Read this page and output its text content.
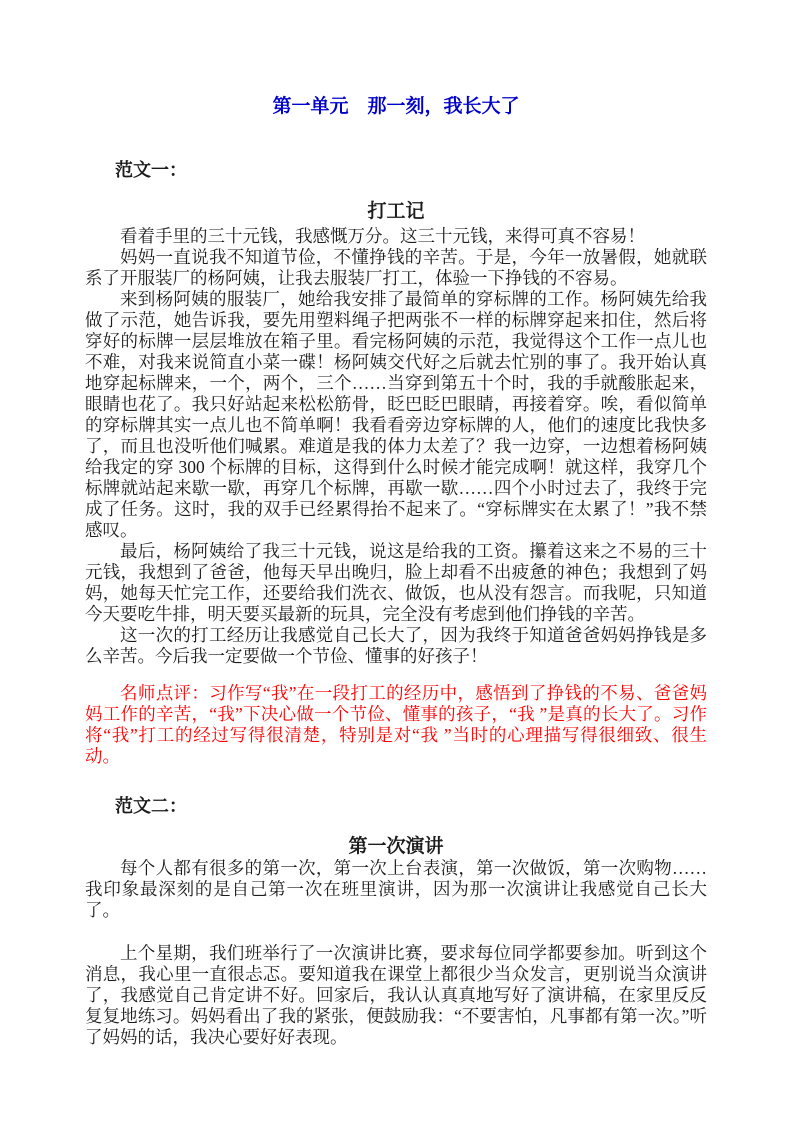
第一单元　那一刻，我长大了
范文一：
打工记

看着手里的三十元钱，我感慨万分。这三十元钱，来得可真不容易！

妈妈一直说我不知道节俭，不懂挣钱的辛苦。于是，今年一放暑假，她就联系了开服装厂的杨阿姨，让我去服装厂打工，体验一下挣钱的不容易。

来到杨阿姨的服装厂，她给我安排了最简单的穿标牌的工作。杨阿姨先给我做了示范，她告诉我，要先用塑料绳子把两张不一样的标牌穿起来扣住，然后将穿好的标牌一层层堆放在箱子里。看完杨阿姨的示范，我觉得这个工作一点儿也不难，对我来说简直小菜一碟！杨阿姨交代好之后就去忙别的事了。我开始认真地穿起标牌来，一个，两个，三个……当穿到第五十个时，我的手就酸胀起来，眼睛也花了。我只好站起来松松筋骨，眨巴眨巴眼睛，再接着穿。唉，看似简单的穿标牌其实一点儿也不简单啊！我看看旁边穿标牌的人，他们的速度比我快多了，而且也没听他们喊累。难道是我的体力太差了？我一边穿，一边想着杨阿姨给我定的穿 300 个标牌的目标，这得到什么时候才能完成啊！就这样，我穿几个标牌就站起来歇一歇，再穿几个标牌，再歇一歇……四个小时过去了，我终于完成了任务。这时，我的双手已经累得抬不起来了。“穿标牌实在太累了！”我不禁感叹。

最后，杨阿姨给了我三十元钱，说这是给我的工资。攥着这来之不易的三十元钱，我想到了爸爸，他每天早出晚归，脸上却看不出疲惫的神色；我想到了妈妈，她每天忙完工作，还要给我们洗衣、做饭，也从没有怨言。而我呢，只知道今天要吃牛排，明天要买最新的玩具，完全没有考虑到他们挣钱的辛苦。

这一次的打工经历让我感觉自己长大了，因为我终于知道爸爸妈妈挣钱是多么辛苦。今后我一定要做一个节俭、懂事的好孩子！

名师点评：习作写“我”在一段打工的经历中，感悟到了挣钱的不易、爸爸妈妈工作的辛苦，“我”下决心做一个节俭、懂事的孩子，“我 ”是真的长大了。习作将“我”打工的经过写得很清楚，特别是对“我 ”当时的心理描写得很细致、很生动。

范文二：
第一次演讲

每个人都有很多的第一次，第一次上台表演，第一次做饭，第一次购物……我印象最深刻的是自己第一次在班里演讲，因为那一次演讲让我感觉自己长大了。

上个星期，我们班举行了一次演讲比赛，要求每位同学都要参加。听到这个消息，我心里一直很忐忑。要知道我在课堂上都很少当众发言，更别说当众演讲了，我感觉自己肯定讲不好。回家后，我认认真真地写好了演讲稿，在家里反反复复地练习。妈妈看出了我的紧张，便鼓励我：“不要害怕，凡事都有第一次。”听了妈妈的话，我决心要好好表现。
